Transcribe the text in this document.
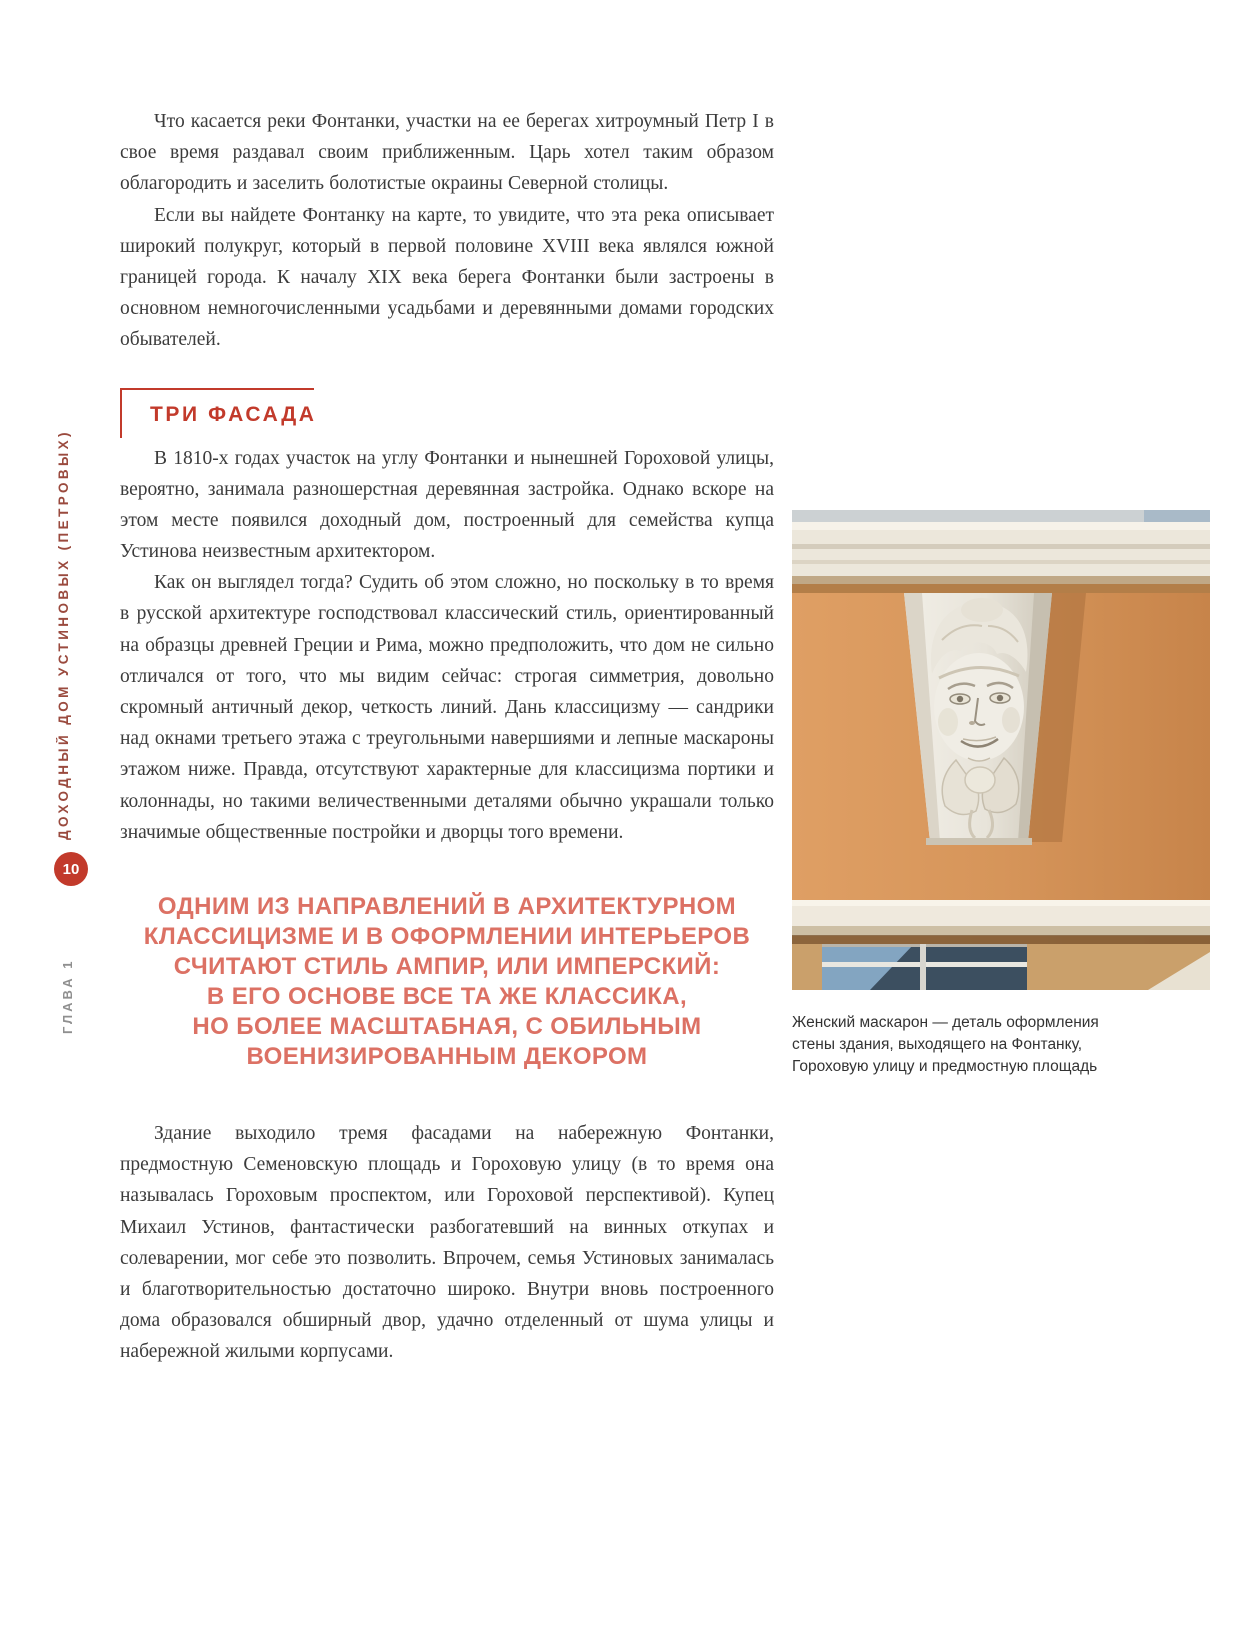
ДОХОДНЫЙ ДОМ УСТИНОВЫХ (ПЕТРОВЫХ)
10
ГЛАВА 1

Что касается реки Фонтанки, участки на ее берегах хитроумный Петр I в свое время раздавал своим приближенным. Царь хотел таким образом облагородить и заселить болотистые окраины Северной столицы.

Если вы найдете Фонтанку на карте, то увидите, что эта река описывает широкий полукруг, который в первой половине XVIII века являлся южной границей города. К началу XIX века берега Фонтанки были застроены в основном немногочисленными усадьбами и деревянными домами городских обывателей.

ТРИ ФАСАДА

В 1810-х годах участок на углу Фонтанки и нынешней Гороховой улицы, вероятно, занимала разношерстная деревянная застройка. Однако вскоре на этом месте появился доходный дом, построенный для семейства купца Устинова неизвестным архитектором.

Как он выглядел тогда? Судить об этом сложно, но поскольку в то время в русской архитектуре господствовал классический стиль, ориентированный на образцы древней Греции и Рима, можно предположить, что дом не сильно отличался от того, что мы видим сейчас: строгая симметрия, довольно скромный античный декор, четкость линий. Дань классицизму — сандрики над окнами третьего этажа с треугольными навершиями и лепные маскароны этажом ниже. Правда, отсутствуют характерные для классицизма портики и колоннады, но такими величественными деталями обычно украшали только значимые общественные постройки и дворцы того времени.

ОДНИМ ИЗ НАПРАВЛЕНИЙ В АРХИТЕКТУРНОМ
КЛАССИЦИЗМЕ И В ОФОРМЛЕНИИ ИНТЕРЬЕРОВ
СЧИТАЮТ СТИЛЬ АМПИР, ИЛИ ИМПЕРСКИЙ:
В ЕГО ОСНОВЕ ВСЕ ТА ЖЕ КЛАССИКА,
НО БОЛЕЕ МАСШТАБНАЯ, С ОБИЛЬНЫМ
ВОЕНИЗИРОВАННЫМ ДЕКОРОМ

Здание выходило тремя фасадами на набережную Фонтанки, предмостную Семеновскую площадь и Гороховую улицу (в то время она называлась Гороховым проспектом, или Гороховой перспективой). Купец Михаил Устинов, фантастически разбогатевший на винных откупах и солеварении, мог себе это позволить. Впрочем, семья Устиновых занималась и благотворительностью достаточно широко. Внутри вновь построенного дома образовался обширный двор, удачно отделенный от шума улицы и набережной жилыми корпусами.

Женский маскарон — деталь оформления стены здания, выходящего на Фонтанку, Гороховую улицу и предмостную площадь
